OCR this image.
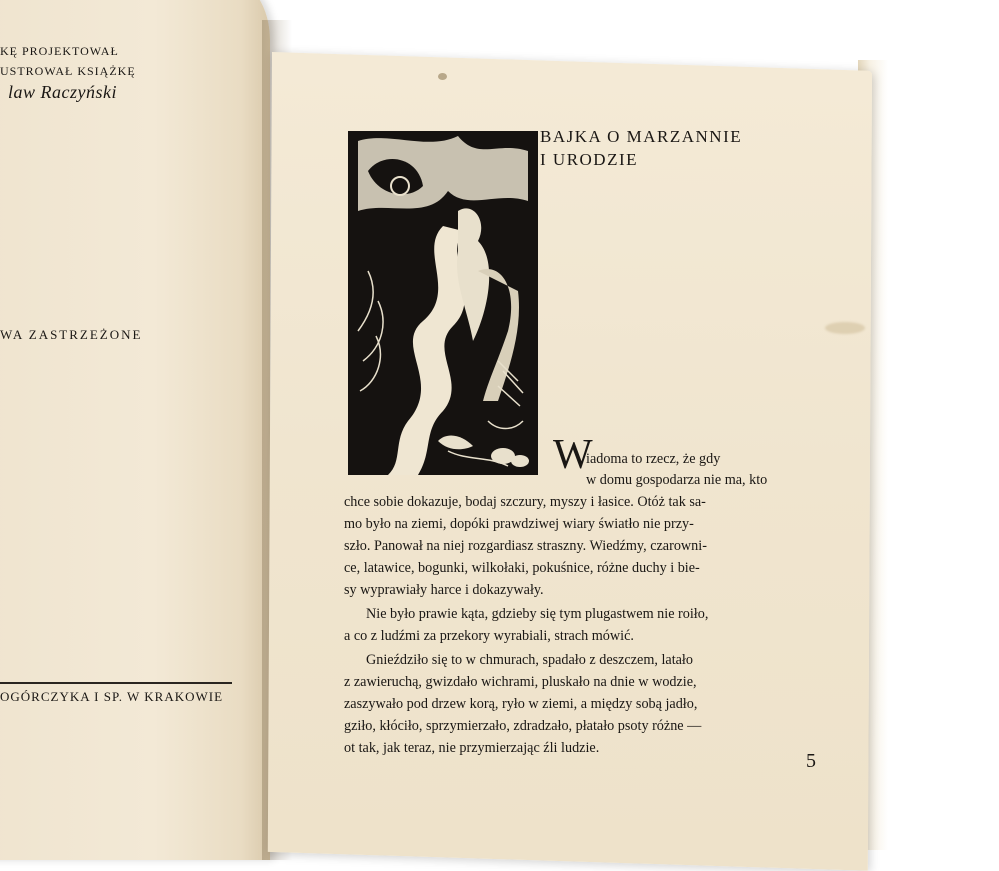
KĘ PROJEKTOWAŁ
USTROWAŁ KSIĄŻKĘ
law Raczyński
WA ZASTRZEŻONE
OGÓRCZYKA I SP. W KRAKOWIE
BAJKA O MARZANNIE
I URODZIE
W
iadoma to rzecz, że gdy
w domu gospodarza nie ma, kto
chce sobie dokazuje, bodaj szczury, myszy i łasice. Otóż tak sa-
mo było na ziemi, dopóki prawdziwej wiary światło nie przy-
szło. Panował na niej rozgardiasz straszny. Wiedźmy, czarowni-
ce, latawice, bogunki, wilkołaki, pokuśnice, różne duchy i bie-
sy wyprawiały harce i dokazywały.
Nie było prawie kąta, gdzieby się tym plugastwem nie roiło,
a co z ludźmi za przekory wyrabiali, strach mówić.
Gnieździło się to w chmurach, spadało z deszczem, latało
z zawieruchą, gwizdało wichrami, pluskało na dnie w wodzie,
zaszywało pod drzew korą, ryło w ziemi, a między sobą jadło,
gziło, kłóciło, sprzymierzało, zdradzało, płatało psoty różne —
ot tak, jak teraz, nie przymierzając źli ludzie.
5
